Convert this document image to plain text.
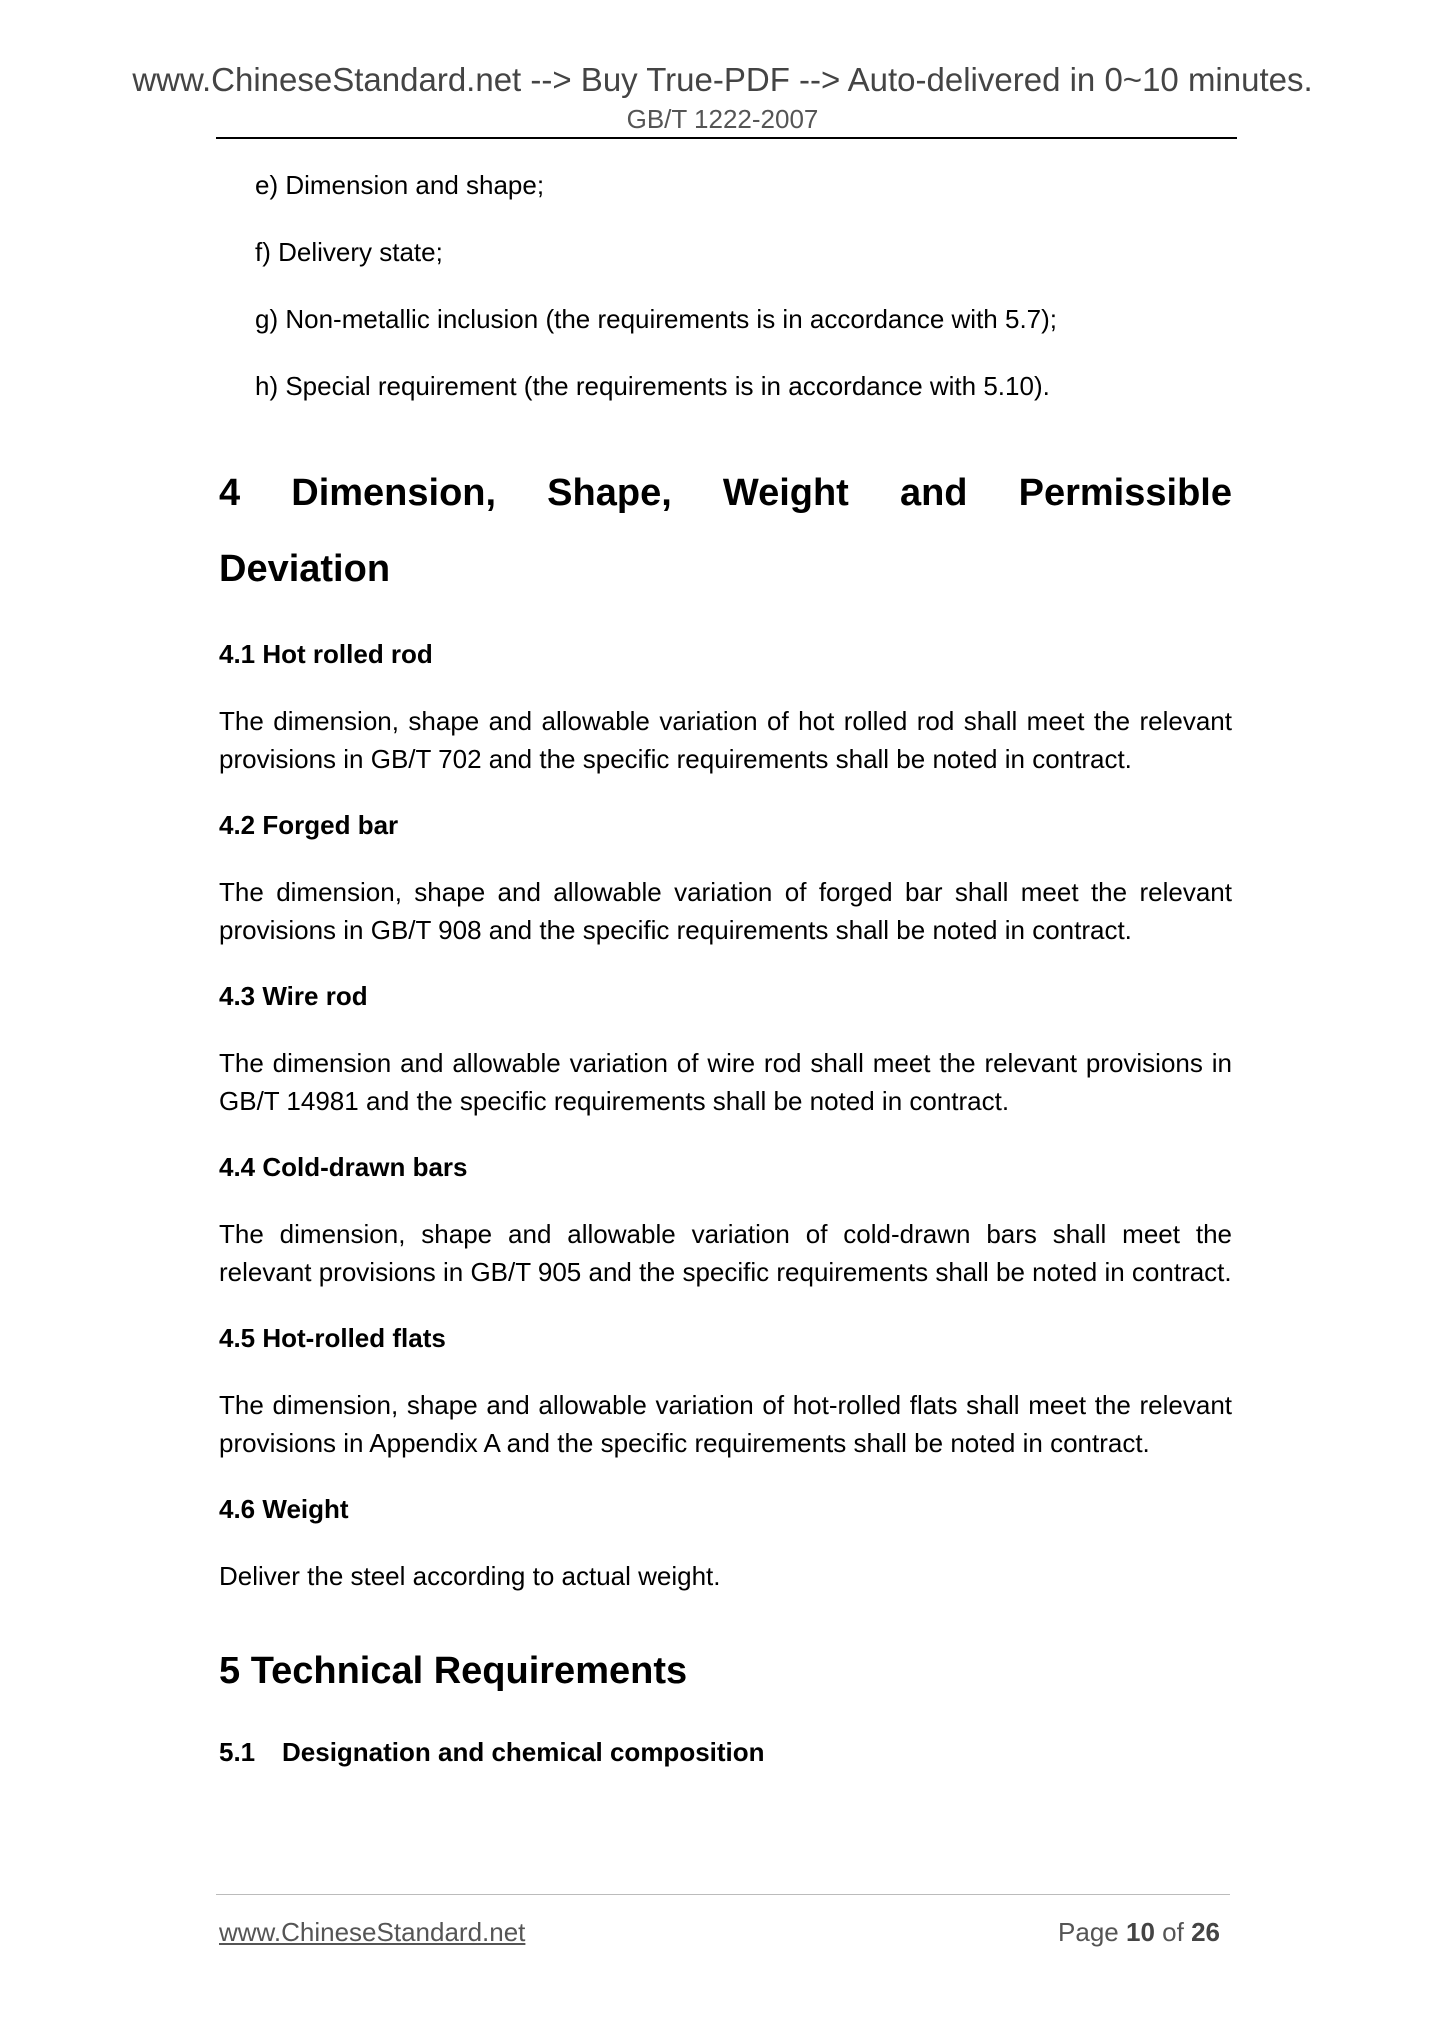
www.ChineseStandard.net --> Buy True-PDF --> Auto-delivered in 0~10 minutes.
GB/T 1222-2007
e) Dimension and shape;
f) Delivery state;
g) Non-metallic inclusion (the requirements is in accordance with 5.7);
h) Special requirement (the requirements is in accordance with 5.10).
4 Dimension, Shape, Weight and Permissible
Deviation
4.1 Hot rolled rod

The dimension, shape and allowable variation of hot rolled rod shall meet the relevant provisions in GB/T 702 and the specific requirements shall be noted in contract.

4.2 Forged bar

The dimension, shape and allowable variation of forged bar shall meet the relevant provisions in GB/T 908 and the specific requirements shall be noted in contract.

4.3 Wire rod

The dimension and allowable variation of wire rod shall meet the relevant provisions in GB/T 14981 and the specific requirements shall be noted in contract.

4.4 Cold-drawn bars

The dimension, shape and allowable variation of cold-drawn bars shall meet the relevant provisions in GB/T 905 and the specific requirements shall be noted in contract.

4.5 Hot-rolled flats

The dimension, shape and allowable variation of hot-rolled flats shall meet the relevant provisions in Appendix A and the specific requirements shall be noted in contract.

4.6 Weight

Deliver the steel according to actual weight.

5 Technical Requirements
5.1 Designation and chemical composition
www.ChineseStandard.net	Page 10 of 26
